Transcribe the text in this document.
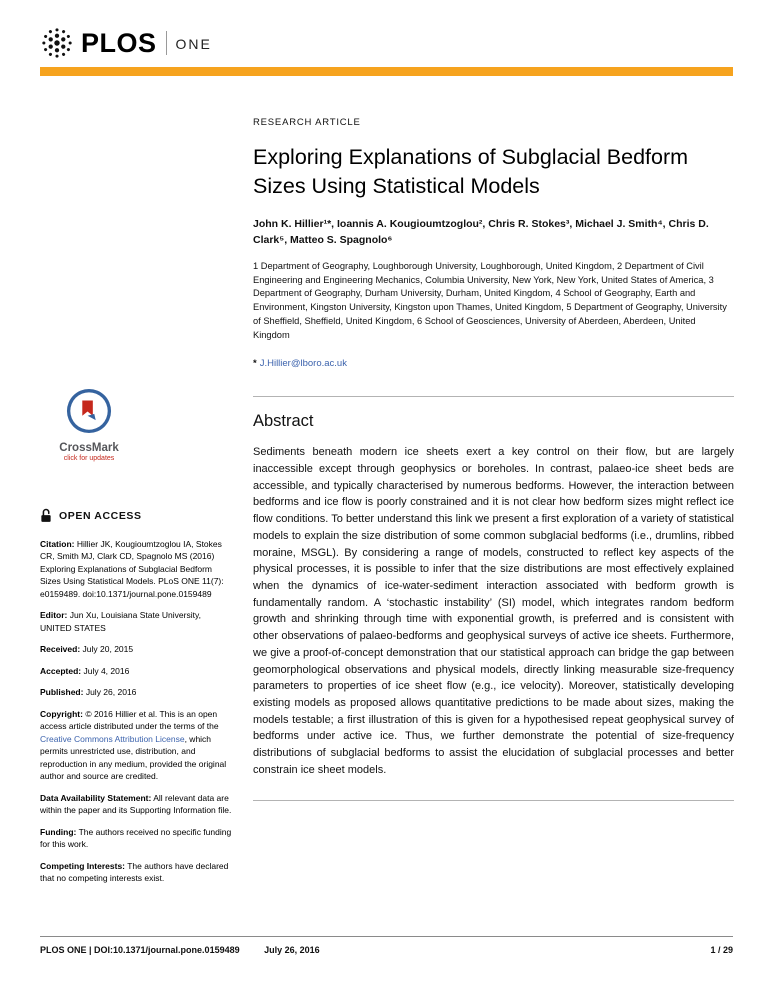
PLOS ONE
CrossMark
click for updates
OPEN ACCESS

Citation: Hillier JK, Kougioumtzoglou IA, Stokes CR, Smith MJ, Clark CD, Spagnolo MS (2016) Exploring Explanations of Subglacial Bedform Sizes Using Statistical Models. PLoS ONE 11(7): e0159489. doi:10.1371/journal.pone.0159489

Editor: Jun Xu, Louisiana State University, UNITED STATES

Received: July 20, 2015

Accepted: July 4, 2016

Published: July 26, 2016

Copyright: © 2016 Hillier et al. This is an open access article distributed under the terms of the Creative Commons Attribution License, which permits unrestricted use, distribution, and reproduction in any medium, provided the original author and source are credited.

Data Availability Statement: All relevant data are within the paper and its Supporting Information file.

Funding: The authors received no specific funding for this work.

Competing Interests: The authors have declared that no competing interests exist.

RESEARCH ARTICLE
Exploring Explanations of Subglacial Bedform Sizes Using Statistical Models

John K. Hillier¹*, Ioannis A. Kougioumtzoglou², Chris R. Stokes³, Michael J. Smith⁴, Chris D. Clark⁵, Matteo S. Spagnolo⁶

1 Department of Geography, Loughborough University, Loughborough, United Kingdom, 2 Department of Civil Engineering and Engineering Mechanics, Columbia University, New York, New York, United States of America, 3 Department of Geography, Durham University, Durham, United Kingdom, 4 School of Geography, Earth and Environment, Kingston University, Kingston upon Thames, United Kingdom, 5 Department of Geography, University of Sheffield, Sheffield, United Kingdom, 6 School of Geosciences, University of Aberdeen, Aberdeen, United Kingdom

* J.Hillier@lboro.ac.uk

Abstract

Sediments beneath modern ice sheets exert a key control on their flow, but are largely inaccessible except through geophysics or boreholes. In contrast, palaeo-ice sheet beds are accessible, and typically characterised by numerous bedforms. However, the interaction between bedforms and ice flow is poorly constrained and it is not clear how bedform sizes might reflect ice flow conditions. To better understand this link we present a first exploration of a variety of statistical models to explain the size distribution of some common subglacial bedforms (i.e., drumlins, ribbed moraine, MSGL). By considering a range of models, constructed to reflect key aspects of the physical processes, it is possible to infer that the size distributions are most effectively explained when the dynamics of ice-water-sediment interaction associated with bedform growth is fundamentally random. A ‘stochastic instability’ (SI) model, which integrates random bedform growth and shrinking through time with exponential growth, is preferred and is consistent with other observations of palaeo-bedforms and geophysical surveys of active ice sheets. Furthermore, we give a proof-of-concept demonstration that our statistical approach can bridge the gap between geomorphological observations and physical models, directly linking measurable size-frequency parameters to properties of ice sheet flow (e.g., ice velocity). Moreover, statistically developing existing models as proposed allows quantitative predictions to be made about sizes, making the models testable; a first illustration of this is given for a hypothesised repeat geophysical survey of bedforms under active ice. Thus, we further demonstrate the potential of size-frequency distributions of subglacial bedforms to assist the elucidation of subglacial processes and better constrain ice sheet models.

PLOS ONE | DOI:10.1371/journal.pone.0159489	July 26, 2016	1 / 29
